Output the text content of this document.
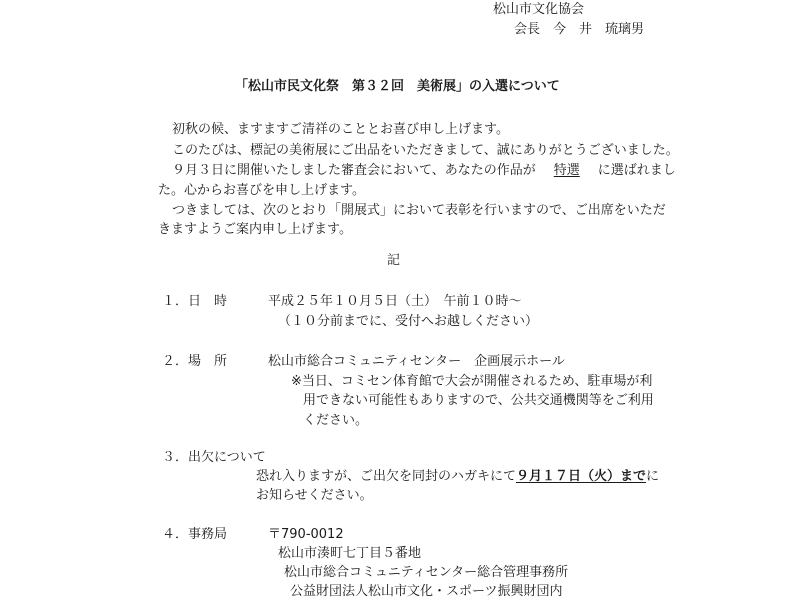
松山市文化協会
会長　今　井　琉璃男
「松山市民文化祭　第３２回　美術展」の入選について
初秋の候、ますますご清祥のこととお喜び申し上げます。
このたびは、標記の美術展にご出品をいただきまして、誠にありがとうございました。
９月３日に開催いたしました審査会において、あなたの作品が 特選 に選ばれまし
た。心からお喜びを申し上げます。
つきましては、次のとおり「開展式」において表彰を行いますので、ご出席をいただ
きますようご案内申し上げます。
記
１．日　時	平成２５年１０月５日（土）　午前１０時～
（１０分前までに、受付へお越しください）
２．場　所	松山市総合コミュニティセンター　企画展示ホール
※当日、コミセン体育館で大会が開催されるため、駐車場が利
用できない可能性もありますので、公共交通機関等をご利用
ください。
３．出欠について
恐れ入りますが、ご出欠を同封のハガキにて９月１７日（火）までに
お知らせください。
４．事務局	〒790-0012
松山市湊町七丁目５番地
松山市総合コミュニティセンター総合管理事務所
公益財団法人松山市文化・スポーツ振興財団内
